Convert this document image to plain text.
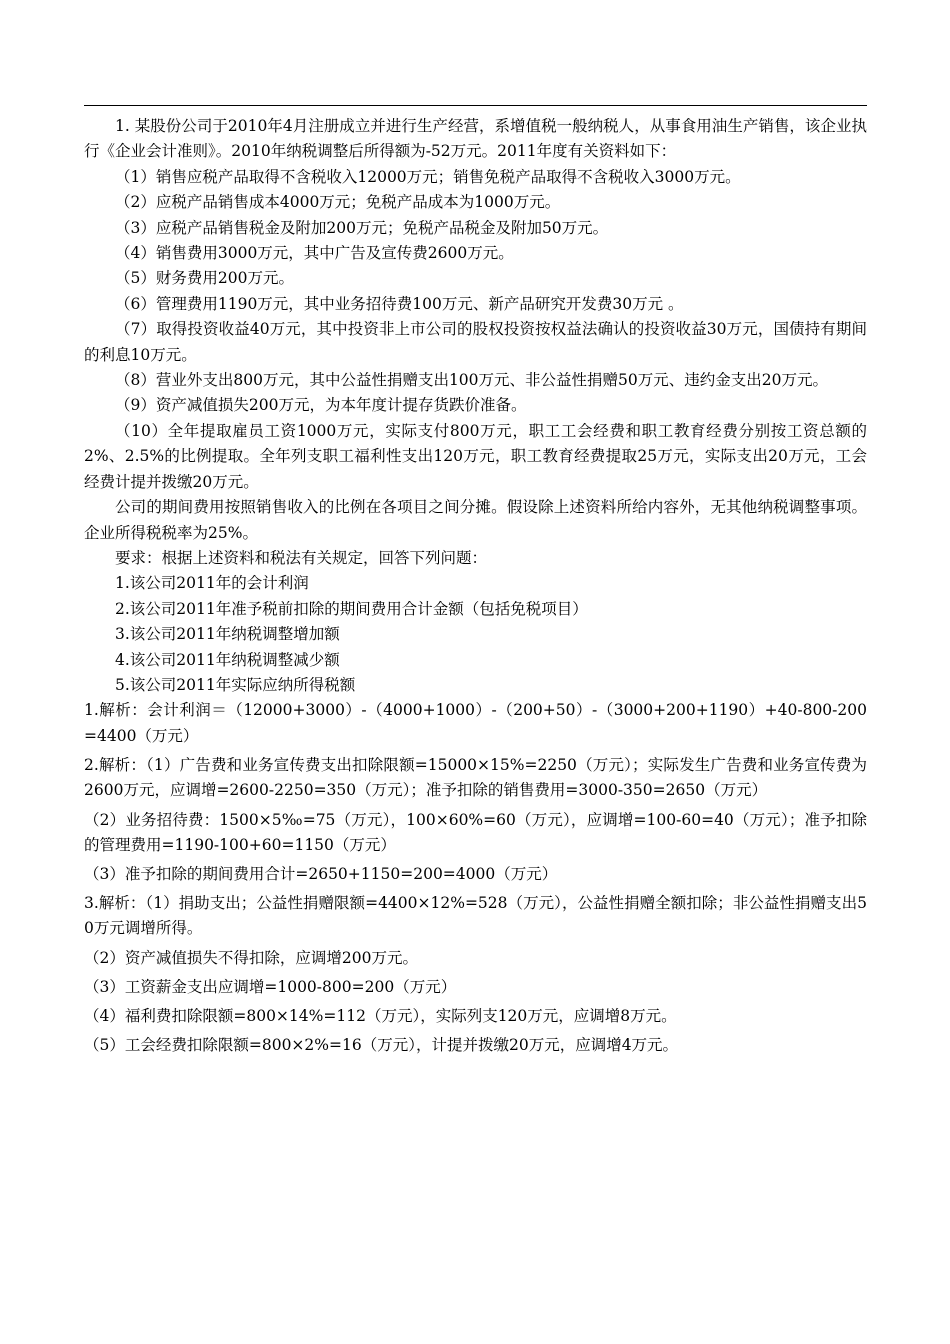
1. 某股份公司于2010年4月注册成立并进行生产经营，系增值税一般纳税人，从事食用油生产销售，该企业执行《企业会计准则》。2010年纳税调整后所得额为-52万元。2011年度有关资料如下：

（1）销售应税产品取得不含税收入12000万元；销售免税产品取得不含税收入3000万元。

（2）应税产品销售成本4000万元；免税产品成本为1000万元。

（3）应税产品销售税金及附加200万元；免税产品税金及附加50万元。

（4）销售费用3000万元，其中广告及宣传费2600万元。

（5）财务费用200万元。

（6）管理费用1190万元，其中业务招待费100万元、新产品研究开发费30万元 。

（7）取得投资收益40万元，其中投资非上市公司的股权投资按权益法确认的投资收益30万元，国债持有期间的利息10万元。

（8）营业外支出800万元，其中公益性捐赠支出100万元、非公益性捐赠50万元、违约金支出20万元。

（9）资产减值损失200万元，为本年度计提存货跌价准备。

（10）全年提取雇员工资1000万元，实际支付800万元，职工工会经费和职工教育经费分别按工资总额的2%、2.5%的比例提取。全年列支职工福利性支出120万元，职工教育经费提取25万元，实际支出20万元，工会经费计提并拨缴20万元。

公司的期间费用按照销售收入的比例在各项目之间分摊。假设除上述资料所给内容外，无其他纳税调整事项。企业所得税税率为25%。

要求：根据上述资料和税法有关规定，回答下列问题：

1.该公司2011年的会计利润

2.该公司2011年准予税前扣除的期间费用合计金额（包括免税项目）

3.该公司2011年纳税调整增加额

4.该公司2011年纳税调整减少额

5.该公司2011年实际应纳所得税额

1.解析：会计利润＝（12000+3000）-（4000+1000）-（200+50）-（3000+200+1190）+40-800-200=4400（万元）

2.解析：（1）广告费和业务宣传费支出扣除限额=15000×15%=2250（万元）；实际发生广告费和业务宣传费为2600万元，应调增=2600-2250=350（万元）；准予扣除的销售费用=3000-350=2650（万元）

（2）业务招待费：1500×5‰=75（万元），100×60%=60（万元），应调增=100-60=40（万元）；准予扣除的管理费用=1190-100+60=1150（万元）

（3）准予扣除的期间费用合计=2650+1150=200=4000（万元）

3.解析：（1）捐助支出；公益性捐赠限额=4400×12%=528（万元），公益性捐赠全额扣除；非公益性捐赠支出50万元调增所得。

（2）资产减值损失不得扣除，应调增200万元。

（3）工资薪金支出应调增=1000-800=200（万元）

（4）福利费扣除限额=800×14%=112（万元），实际列支120万元，应调增8万元。

（5）工会经费扣除限额=800×2%=16（万元），计提并拨缴20万元，应调增4万元。
